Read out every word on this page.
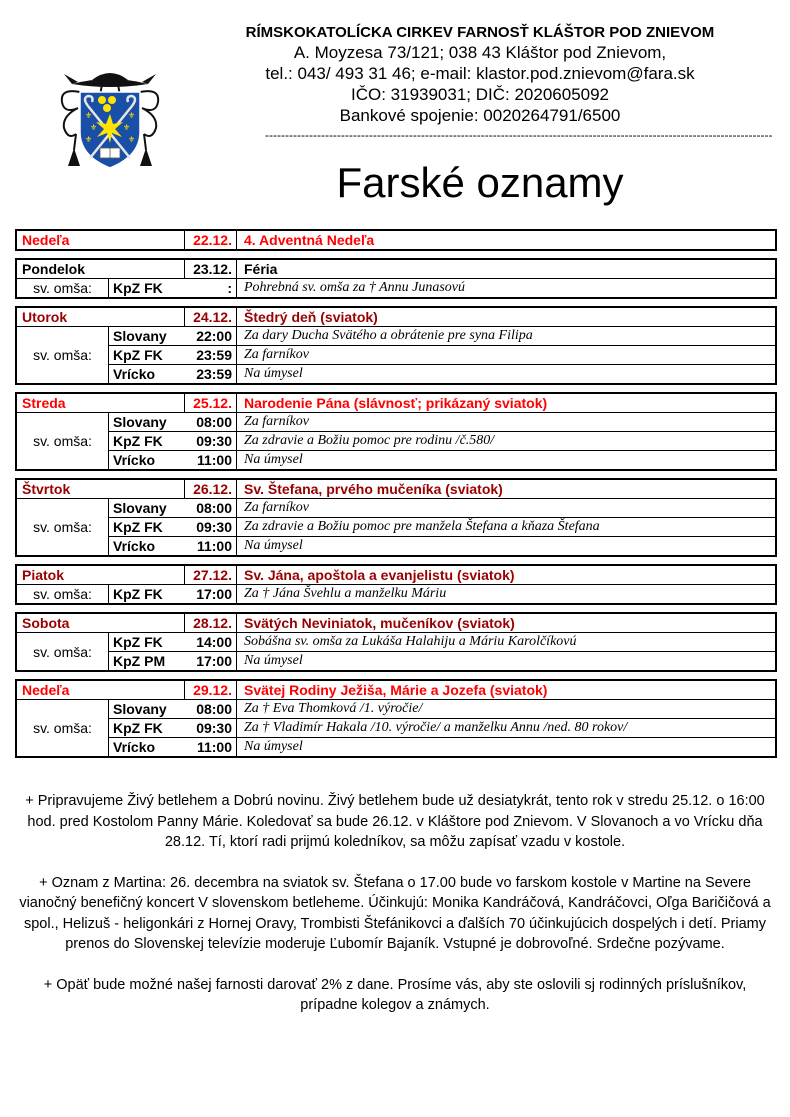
⚜
⚜
⚜
⚜
⚜
⚜
RÍMSKOKATOLÍCKA CIRKEV FARNOSŤ KLÁŠTOR POD ZNIEVOM
A. Moyzesa 73/121; 038 43 Kláštor pod Znievom,
tel.: 043/ 493 31 46; e-mail: klastor.pod.znievom@fara.sk
IČO: 31939031; DIČ: 2020605092
Bankové spojenie: 0020264791/6500
-------------------------------------------------------------------------------------------------------------------------------
Farské oznamy
Nedeľa	22.12. 4. Adventná Nedeľa
Pondelok	23.12. Féria
sv. omša:	KpZ FK	: Pohrebná sv. omša za † Annu Junasovú
Utorok	24.12. Štedrý deň (sviatok)
sv. omša:
Slovany	22:00 Za dary Ducha Svätého a obrátenie pre syna Filipa
KpZ FK	23:59 Za farníkov
Vrícko	23:59 Na úmysel
Streda	25.12. Narodenie Pána (slávnosť; prikázaný sviatok)
sv. omša:
Slovany	08:00 Za farníkov
KpZ FK	09:30 Za zdravie a Božiu pomoc pre rodinu /č.580/
Vrícko	11:00 Na úmysel
Štvrtok	26.12. Sv. Štefana, prvého mučeníka (sviatok)
sv. omša:
Slovany	08:00 Za farníkov
KpZ FK	09:30 Za zdravie a Božiu pomoc pre manžela Štefana a kňaza Štefana
Vrícko	11:00 Na úmysel
Piatok	27.12. Sv. Jána, apoštola a evanjelistu (sviatok)
sv. omša:	KpZ FK	17:00 Za † Jána Švehlu a manželku Máriu
Sobota	28.12. Svätých Neviniatok, mučeníkov (sviatok)
sv. omša:
KpZ FK	14:00 Sobášna sv. omša za Lukáša Halahiju a Máriu Karolčíkovú
KpZ PM	17:00 Na úmysel
Nedeľa	29.12. Svätej Rodiny Ježiša, Márie a Jozefa (sviatok)
sv. omša:
Slovany	08:00 Za † Eva Thomková /1. výročie/
KpZ FK	09:30 Za † Vladimír Hakala /10. výročie/ a manželku Annu /ned. 80 rokov/
Vrícko	11:00 Na úmysel

+ Pripravujeme Živý betlehem a Dobrú novinu. Živý betlehem bude už desiatykrát, tento rok v stredu 25.12. o 16:00 hod. pred Kostolom Panny Márie. Koledovať sa bude 26.12. v Kláštore pod Znievom. V Slovanoch a vo Vrícku dňa 28.12. Tí, ktorí radi prijmú koledníkov, sa môžu zapísať vzadu v kostole.

+ Oznam z Martina: 26. decembra na sviatok sv. Štefana o 17.00 bude vo farskom kostole v Martine na Severe vianočný benefičný koncert V slovenskom betleheme. Účinkujú: Monika Kandráčová, Kandráčovci, Oľga Baričičová a spol., Helizuš - heligonkári z Hornej Oravy, Trombisti Štefánikovci a ďalších 70 účinkujúcich dospelých i detí. Priamy prenos do Slovenskej televízie moderuje Ľubomír Bajaník. Vstupné je dobrovoľné. Srdečne pozývame.

+ Opäť bude možné našej farnosti darovať 2% z dane. Prosíme vás, aby ste oslovili sj rodinných príslušníkov, prípadne kolegov a známych.
